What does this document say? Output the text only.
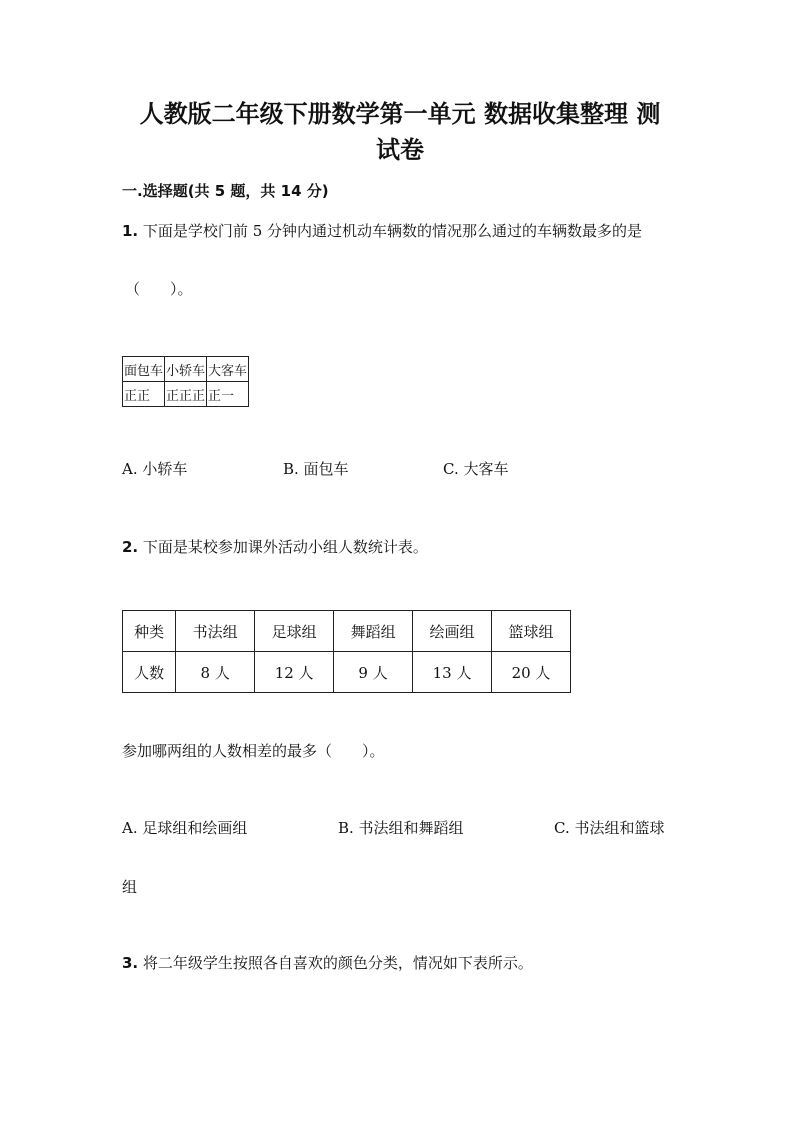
人教版二年级下册数学第一单元 数据收集整理 测
试卷
一.选择题(共 5 题，共 14 分)
1. 下面是学校门前 5 分钟内通过机动车辆数的情况那么通过的车辆数最多的是
（　　）。
面包车	小轿车	大客车
正正	正正正	正一
A. 小轿车	B. 面包车	C. 大客车
2. 下面是某校参加课外活动小组人数统计表。
种类	书法组	足球组	舞蹈组	绘画组	篮球组
人数	8 人	12 人	9 人	13 人	20 人
参加哪两组的人数相差的最多（　　）。
A. 足球组和绘画组	B. 书法组和舞蹈组	C. 书法组和篮球
组
3. 将二年级学生按照各自喜欢的颜色分类，情况如下表所示。
